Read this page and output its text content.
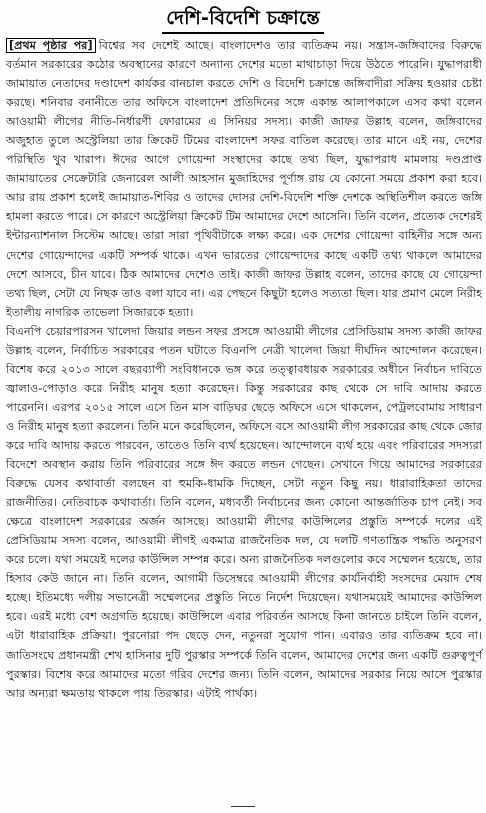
দেশি-বিদেশি চক্রান্তে

[প্রথম পৃষ্ঠার পর] বিশ্বের সব দেশেই আছে। বাংলাদেশও তার ব্যতিক্রম নয়। সন্ত্রাস-জঙ্গিবাদের বিরুদ্ধে বর্তমান সরকারের কঠোর অবস্থানের কারণে অন্যান্য দেশের মতো মাথাচাড়া দিয়ে উঠতে পারেনি। যুদ্ধাপরাধী জামায়াত নেতাদের দণ্ডাদেশ কার্যকর বানচাল করতে দেশি ও বিদেশি চক্রান্তে জঙ্গিবাদীরা সক্রিয় হওয়ার চেষ্টা করছে। শনিবার বনানীতে তার অফিসে বাংলাদেশ প্রতিদিনের সঙ্গে একান্ত আলাপকালে এসব কথা বলেন আওয়ামী লীগের নীতি-নির্ধারণী ফোরামের এ সিনিয়র সদস্য। কাজী জাফর উল্লাহ বলেন, জঙ্গিবাদের অজুহাত তুলে অস্ট্রেলিয়া তার ক্রিকেট টিমের বাংলাদেশ সফর বাতিল করেছে। তার মানে এই নয়, দেশের পরিস্থিতি খুব খারাপ। ঈদের আগে গোয়েন্দা সংস্থাদের কাছে তথ্য ছিল, যুদ্ধাপরাধ মামলায় দণ্ডপ্রাপ্ত জামায়াতের সেক্রেটারি জেনারেল আলী আহসান মুজাহিদের পূর্ণাঙ্গ রায় যে কোনো সময়ে প্রকাশ করা হবে। আর রায় প্রকাশ হলেই জামায়াত-শিবির ও তাদের দোসর দেশি-বিদেশি শক্তি দেশকে অস্থিতিশীল করতে জঙ্গি হামলা করতে পারে। সে কারণে অস্ট্রেলিয়া ক্রিকেট টিম আমাদের দেশে আসেনি। তিনি বলেন, প্রত্যেক দেশেরই ইন্টারন্যাশনাল সিস্টেম আছে। তারা সারা পৃথিবীটাকে লক্ষ্য করে। এক দেশের গোয়েন্দা বাহিনীর সঙ্গে অন্য দেশের গোয়েন্দাদের একটি সম্পর্ক থাকে। এখন ভারতের গোয়েন্দাদের কাছে একটি তথ্য থাকলে আমাদের দেশে আসবে, চীন যাবে। ঠিক আমাদের দেশেও তাই। কাজী জাফর উল্লাহ বলেন, তাদের কাছে যে গোয়েন্দা তথ্য ছিল, সেটা যে নিছক তাও বলা যাবে না। এর পেছনে কিছুটা হলেও সত্যতা ছিল। যার প্রমাণ মেলে নিরীহ ইতালীয় নাগরিক তাভেলা সিজারকে হত্যা।

বিএনপি চেয়ারপারসন খালেদা জিয়ার লন্ডন সফর প্রসঙ্গে আওয়ামী লীগের প্রেসিডিয়াম সদস্য কাজী জাফর উল্লাহ বলেন, নির্বাচিত সরকারের পতন ঘটাতে বিএনপি নেত্রী খালেদা জিয়া দীর্ঘদিন আন্দোলন করেছেন। বিশেষ করে ২০১৩ সালে বছরব্যাপী সংবিধানকে ভঙ্গ করে তত্ত্বাবধায়ক সরকারের অধীনে নির্বাচন দাবিতে জ্বালাও-পোড়াও করে নিরীহ মানুষ হত্যা করেছেন। কিন্তু সরকারের কাছ থেকে সে দাবি আদায় করতে পারেননি। এরপর ২০১৫ সালে এসে তিন মাস বাড়িঘর ছেড়ে অফিসে এসে থাকলেন, পেট্রলবোমায় সাধারণ ও নিরীহ মানুষ হত্যা করলেন। তিনি মনে করেছিলেন, অফিসে বসে আওয়ামী লীগ সরকারের কাছ থেকে জোর করে দাবি আদায় করতে পারবেন, তাতেও তিনি ব্যর্থ হয়েছেন। আন্দোলনে ব্যর্থ হয়ে এবং পরিবারের সদস্যরা বিদেশে অবস্থান করায় তিনি পরিবারের সঙ্গে ঈদ করতে লন্ডন গেছেন। সেখানে গিয়ে আমাদের সরকারের বিরুদ্ধে যেসব কথাবার্তা বলছেন বা হুমকি-ধামকি দিচ্ছেন, সেটা নতুন কিছু নয়। ধারাবাহিকতা তাদের রাজনীতির। নেতিবাচক কথাবার্তা। তিনি বলেন, মধ্যবর্তী নির্বাচনের জন্য কোনো আন্তর্জাতিক চাপ নেই। সব ক্ষেত্রে বাংলাদেশ সরকারের অর্জন আসছে। আওয়ামী লীগের কাউন্সিলের প্রস্তুতি সম্পর্কে দলের এই প্রেসিডিয়াম সদস্য বলেন, আওয়ামী লীগই একমাত্র রাজনৈতিক দল, যে দলটি গণতান্ত্রিক পদ্ধতি অনুসরণ করে চলে। যথা সময়েই দলের কাউন্সিল সম্পন্ন করে। অন্য রাজনৈতিক দলগুলোর কবে সম্মেলন হয়েছে, তার হিসাব কেউ জানে না। তিনি বলেন, আগামী ডিসেম্বরে আওয়ামী লীগের কার্যনির্বাহী সংসদের মেয়াদ শেষ হচ্ছে। ইতিমধ্যে দলীয় সভানেত্রী সম্মেলনের প্রস্তুতি নিতে নির্দেশ দিয়েছেন। যথাসময়েই আমাদের কাউন্সিল হবে। এরই মধ্যে বেশ অগ্রগতি হয়েছে। কাউন্সিলে এবার পরিবর্তন আসছে কিনা জানতে চাইলে তিনি বলেন, এটা ধারাবাহিক প্রক্রিয়া। পুরনোরা পদ ছেড়ে দেন, নতুনরা সুযোগ পান। এবারও তার ব্যতিক্রম হবে না। জাতিসংঘে প্রধানমন্ত্রী শেখ হাসিনার দুটি পুরস্কার সম্পর্কে তিনি বলেন, আমাদের দেশের জন্য একটি গুরুত্বপূর্ণ পুরস্কার। বিশেষ করে আমাদের মতো গরিব দেশের জন্য। তিনি বলেন, আমাদের সরকার নিয়ে আসে পুরস্কার আর অন্যরা ক্ষমতায় থাকলে পায় তিরস্কার। এটাই পার্থক্য।
